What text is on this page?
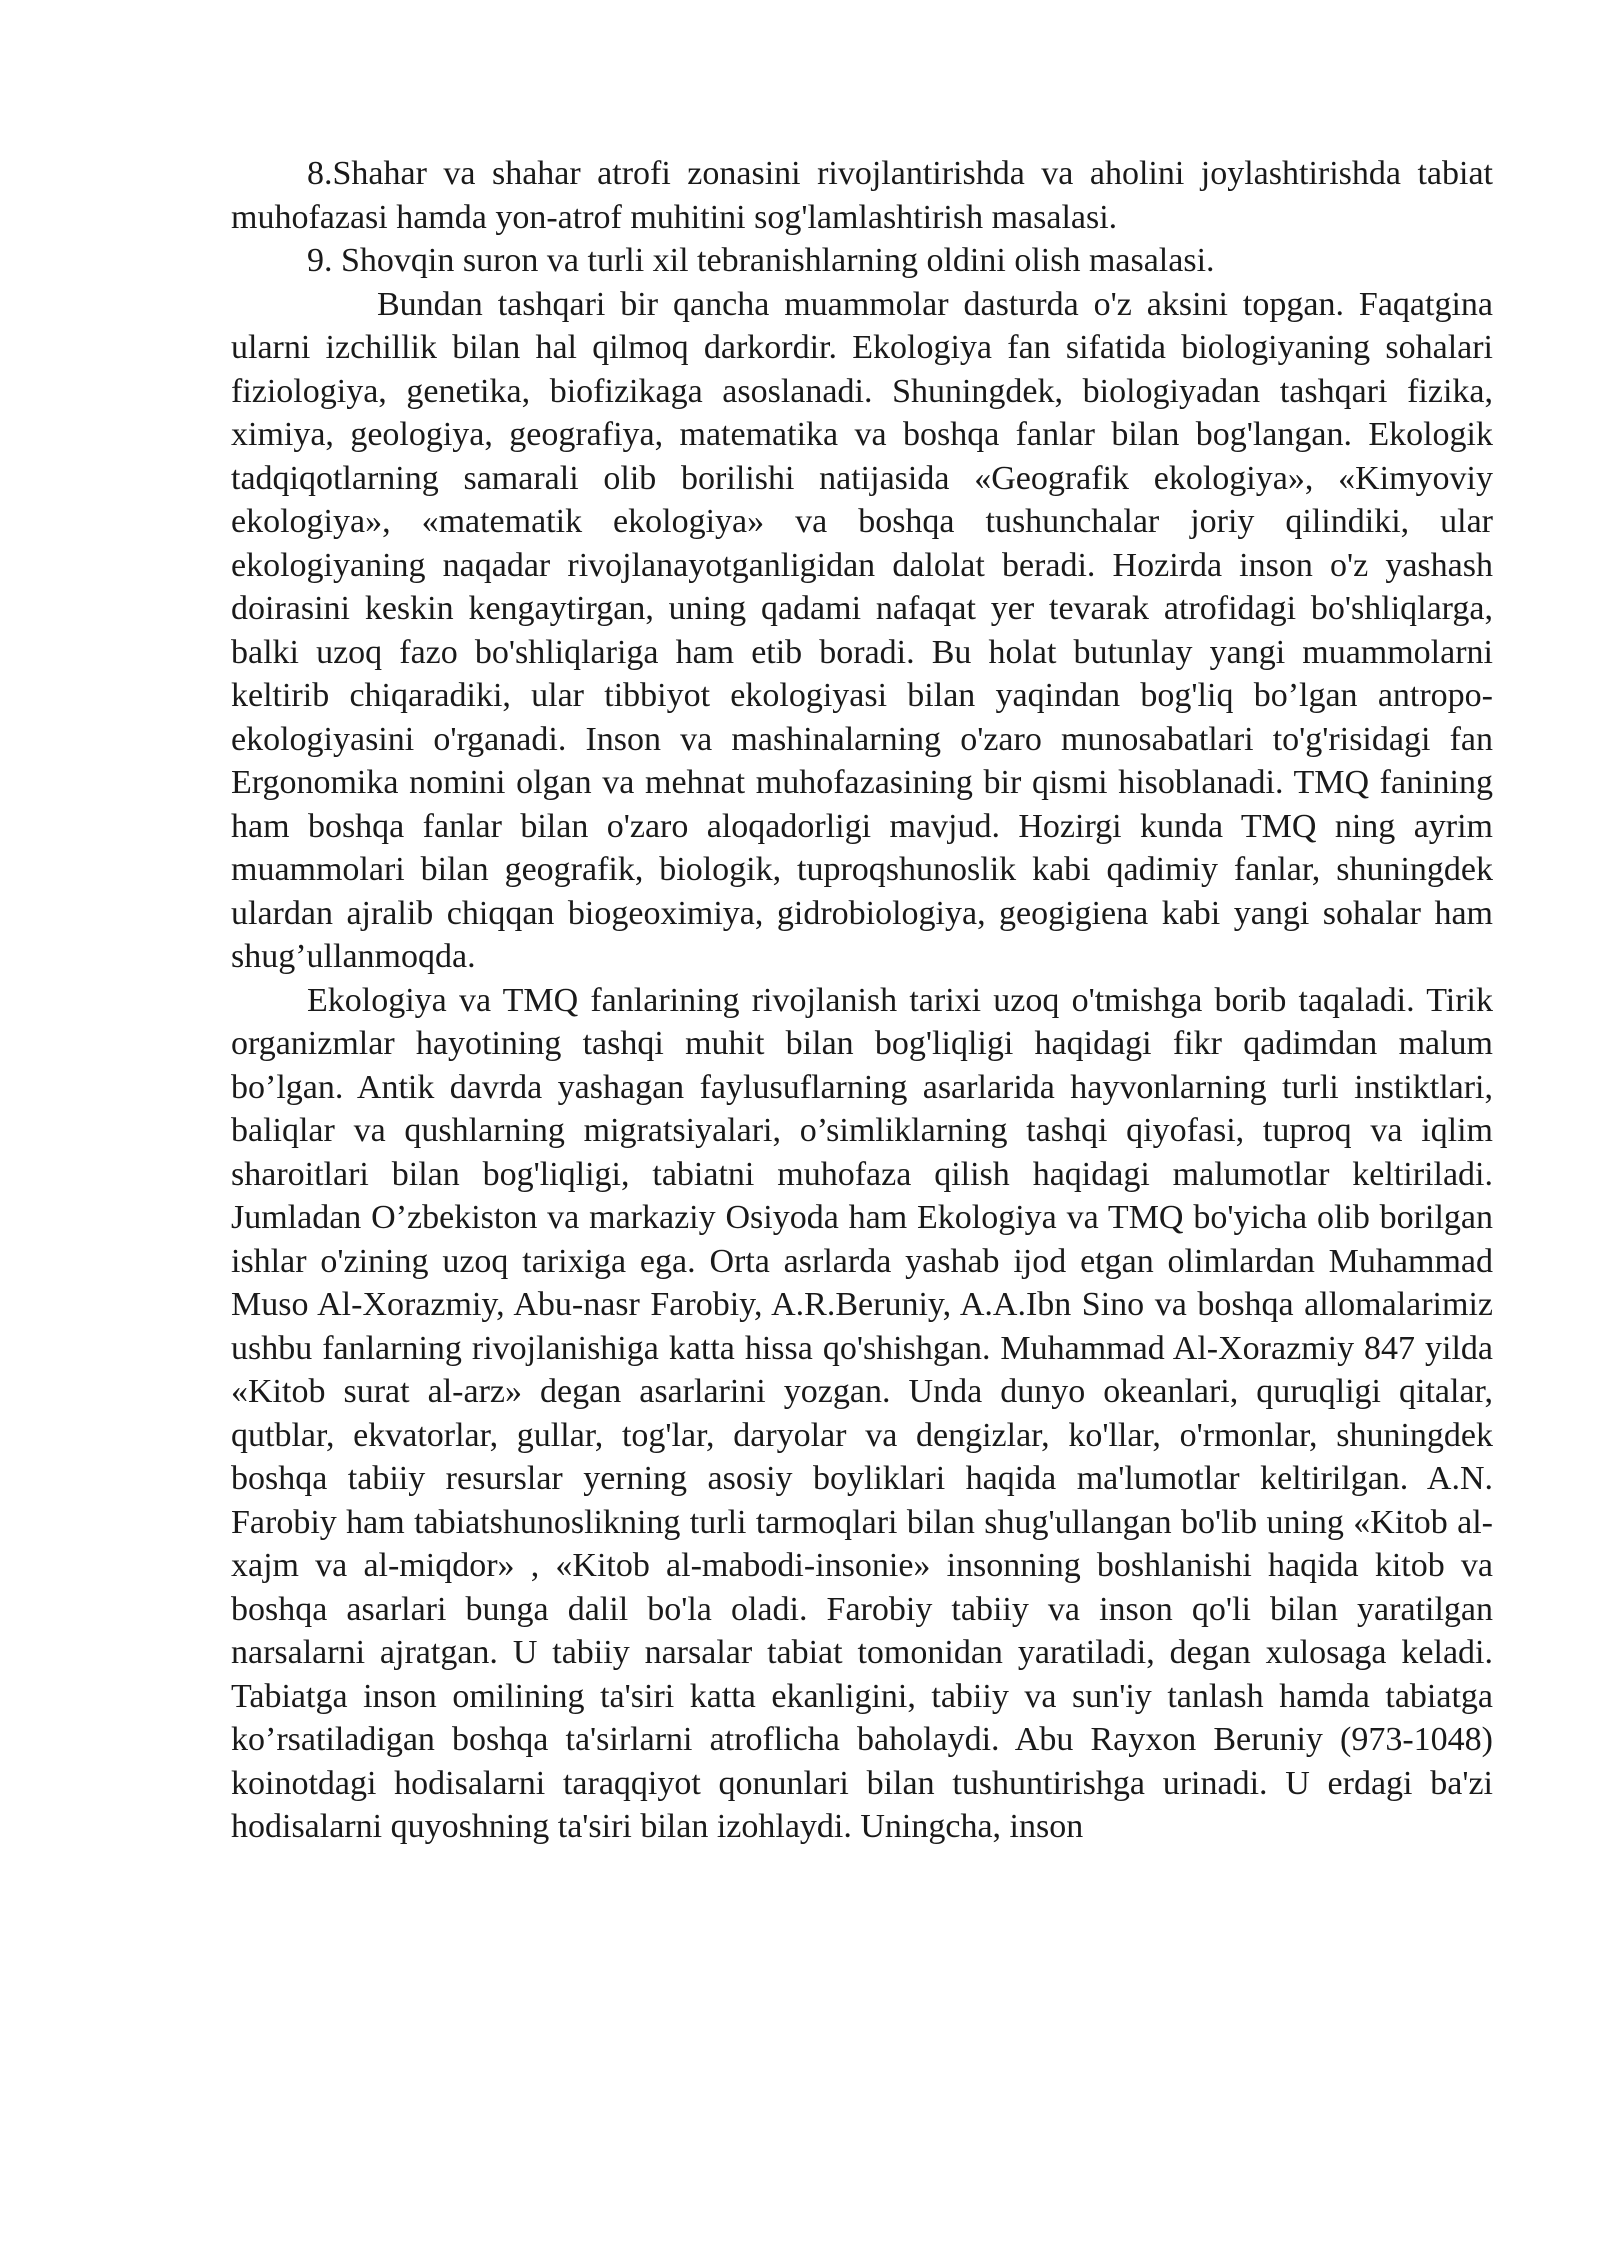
8.Shahar va shahar atrofi zonasini rivojlantirishda va aholini joylashtirishda tabiat muhofazasi hamda yon-atrof muhitini sog'lamlashtirish masalasi.

9. Shovqin suron va turli xil tebranishlarning oldini olish masalasi.

Bundan tashqari bir qancha muammolar dasturda o'z aksini topgan. Faqatgina ularni izchillik bilan hal qilmoq darkordir. Ekologiya fan sifatida biologiyaning sohalari fiziologiya, genetika, biofizikaga asoslanadi. Shuningdek, biologiyadan tashqari fizika, ximiya, geologiya, geografiya, matematika va boshqa fanlar bilan bog'langan. Ekologik tadqiqotlarning samarali olib borilishi natijasida «Geografik ekologiya», «Kimyoviy ekologiya», «matematik ekologiya» va boshqa tushunchalar joriy qilindiki, ular ekologiyaning naqadar rivojlanayotganligidan dalolat beradi. Hozirda inson o'z yashash doirasini keskin kengaytirgan, uning qadami nafaqat yer tevarak atrofidagi bo'shliqlarga, balki uzoq fazo bo'shliqlariga ham etib boradi. Bu holat butunlay yangi muammolarni keltirib chiqaradiki, ular tibbiyot ekologiyasi bilan yaqindan bog'liq bo’lgan antropo-ekologiyasini o'rganadi. Inson va mashinalarning o'zaro munosabatlari to'g'risidagi fan Ergonomika nomini olgan va mehnat muhofazasining bir qismi hisoblanadi. TMQ fanining ham boshqa fanlar bilan o'zaro aloqadorligi mavjud. Hozirgi kunda TMQ ning ayrim muammolari bilan geografik, biologik, tuproqshunoslik kabi qadimiy fanlar, shuningdek ulardan ajralib chiqqan biogeoximiya, gidrobiologiya, geogigiena kabi yangi sohalar ham shug’ullanmoqda.

Ekologiya va TMQ fanlarining rivojlanish tarixi uzoq o'tmishga borib taqaladi. Tirik organizmlar hayotining tashqi muhit bilan bog'liqligi haqidagi fikr qadimdan malum bo’lgan. Antik davrda yashagan faylusuflarning asarlarida hayvonlarning turli instiktlari, baliqlar va qushlarning migratsiyalari, o’simliklarning tashqi qiyofasi, tuproq va iqlim sharoitlari bilan bog'liqligi, tabiatni muhofaza qilish haqidagi malumotlar keltiriladi. Jumladan O’zbekiston va markaziy Osiyoda ham Ekologiya va TMQ bo'yicha olib borilgan ishlar o'zining uzoq tarixiga ega. Orta asrlarda yashab ijod etgan olimlardan Muhammad Muso Al-Xorazmiy, Abu-nasr Farobiy, A.R.Beruniy, A.A.Ibn Sino va boshqa allomalarimiz ushbu fanlarning rivojlanishiga katta hissa qo'shishgan. Muhammad Al-Xorazmiy 847 yilda «Kitob surat al-arz» degan asarlarini yozgan. Unda dunyo okeanlari, quruqligi qitalar, qutblar, ekvatorlar, gullar, tog'lar, daryolar va dengizlar, ko'llar, o'rmonlar, shuningdek boshqa tabiiy resurslar yerning asosiy boyliklari haqida ma'lumotlar keltirilgan. A.N. Farobiy ham tabiatshunoslikning turli tarmoqlari bilan shug'ullangan bo'lib uning «Kitob al-xajm va al-miqdor» , «Kitob al-mabodi-insonie» insonning boshlanishi haqida kitob va boshqa asarlari bunga dalil bo'la oladi. Farobiy tabiiy va inson qo'li bilan yaratilgan narsalarni ajratgan. U tabiiy narsalar tabiat tomonidan yaratiladi, degan xulosaga keladi. Tabiatga inson omilining ta'siri katta ekanligini, tabiiy va sun'iy tanlash hamda tabiatga ko’rsatiladigan boshqa ta'sirlarni atroflicha baholaydi. Abu Rayxon Beruniy (973-1048) koinotdagi hodisalarni taraqqiyot qonunlari bilan tushuntirishga urinadi. U erdagi ba'zi hodisalarni quyoshning ta'siri bilan izohlaydi. Uningcha, inson
